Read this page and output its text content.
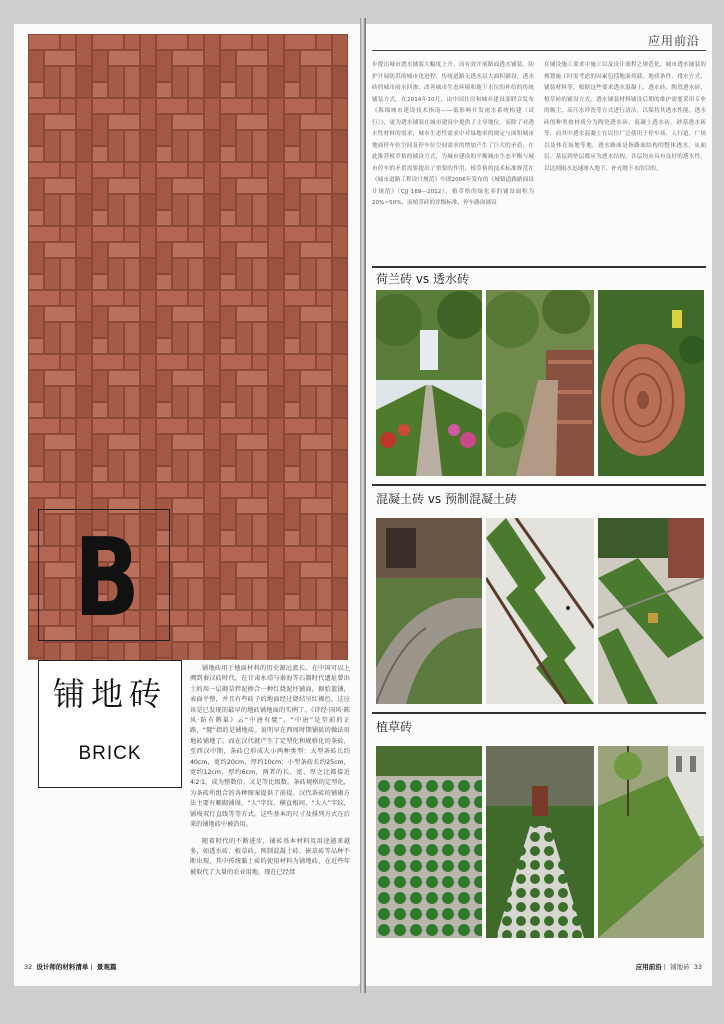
B
铺地砖
BRICK

铺地砖用于地面材料的历史源远流长。在中国可以上溯到秦汉砖时代，在甘肃永靖与秦海等石器时代遗址曾出土的用一层砌草拌泥掺合一种红烧泥坯铺面，据始篮铺，表面平整，并且有些砖子的地面经过烧结呈红褐色，这应该是已发现的最早的地砖铺地面的实例了。《诗经·国风·陈风·防有鹊巢》云“中唐有甓”，“中唐”是堂前的正路，“甓”指的是铺地砖。说明早在西周时期铺砖的做法用地砖铺地了。而在汉代就产生了定型化和规格化的条砖，至西汉中期，条砖已形成大小两种类型：大型条砖长约40cm，宽约20cm，厚约10cm；小型条砖长约25cm，宽约12cm，厚约6cm，两者的长、宽、厚之比都接近4∶2∶1，成为整数倍，又是等比级数。条砖规格的定型化，为条砖所组合的各种图案提供了前提。汉代条砖的铺砌方法主要有顺砌铺墁、“人”字纹、横直相间、“大人”字纹，铺墁双行直线等等方式。这些基本的尺寸及排列方式在后来的铺地砖中被沿用。

随着时代的不断进步，铺砖基本材料及用途越来越多，如透水砖、植草砖、预制混凝土砖、嵌草砖等品种不断出现，其中传统黏土砖的使用材料为铺地砖，在近些年被取代了大量的农业用地，现在已经禁

32 设计师的材料清单 |  景观篇
应用前沿

步提出城市透水铺装大幅度上升，而有效开展路面透水铺装、防护开展防洪的城市化进程、传统道路无透水层大面积铺设，透水砖的城市雨水回渗、改善城市生态环境和地下水位的补给的传统铺装方式。在2014年10月，由中国住房和城乡建设部联合发布《海绵城市建设技术指南——低影响开发雨水系统构建（试行）》，更为透水铺装在城市建设中提供了主导地位。而除了对透水性材料的需求，城市生态性需求中对绿地率的规定与面积城市地面停车位空间及停车位空间需求的增加产生了巨大的矛盾，在此推荐植草格的铺设方式，为城市建设的平衡城市生态平衡与城市停车的矛盾需要提出了重要的作用，植草格的技术标准规范在《城市道路工程设计规范》中即2006年发布的《城镇道路路面设计规范》（CJJ 169—2012），植草格的绿化率的铺设面积为20%~50%，而植草砖的评级标准，停车路面铺设

在铺设施工要求中施工以及设计流程之规范化，城市透水铺装的规划施工时需考虑的因素包括地面荷载、地质条件、排水方式、铺装材料等，根据这些要求透水混凝土、透水砖、陶瓷透水砖、植草砖的铺设方式，透水铺装材料铺设后期的维护需要采用专业的吸尘、高压水冲洗等方式进行清洁，以保持其透水性能。透水砖的种类按材质分为陶瓷透水砖、混凝土透水砖、砂基透水砖等，而其中透水混凝土在以往广泛使用于停车场、人行道、广场以及体育场地等地。透水路面是指路面结构的整体透水，从面层、基层到垫层都应为透水结构，各层均应具有良好的透水性，以达到雨水迅速渗入地下、补充地下水的目的。

荷兰砖 vs 透水砖
混凝土砖 vs 预制混凝土砖
植草砖
应用前沿 |  铺地砖 33
